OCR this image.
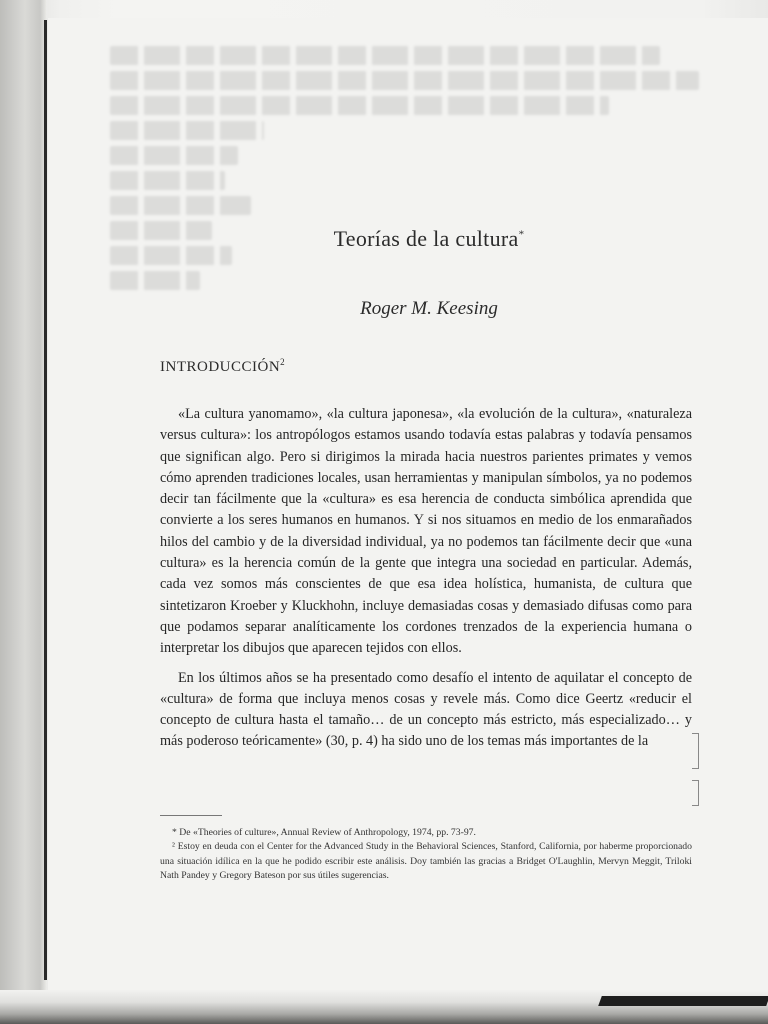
Teorías de la cultura*
Roger M. Keesing
INTRODUCCIÓN$^2$

«La cultura yanomamo», «la cultura japonesa», «la evolución de la cultura», «naturaleza versus cultura»: los antropólogos estamos usando todavía estas palabras y todavía pensamos que significan algo. Pero si dirigimos la mirada hacia nuestros parientes primates y vemos cómo aprenden tradiciones locales, usan herramientas y manipulan símbolos, ya no podemos decir tan fácilmente que la «cultura» es esa herencia de conducta simbólica aprendida que convierte a los seres humanos en humanos. Y si nos situamos en medio de los enmarañados hilos del cambio y de la diversidad individual, ya no podemos tan fácilmente decir que «una cultura» es la herencia común de la gente que integra una sociedad en particular. Además, cada vez somos más conscientes de que esa idea holística, humanista, de cultura que sintetizaron Kroeber y Kluckhohn, incluye demasiadas cosas y demasiado difusas como para que podamos separar analíticamente los cordones trenzados de la experiencia humana o interpretar los dibujos que aparecen tejidos con ellos.

En los últimos años se ha presentado como desafío el intento de aquilatar el concepto de «cultura» de forma que incluya menos cosas y revele más. Como dice Geertz «reducir el concepto de cultura hasta el tamaño… de un concepto más estricto, más especializado… y más poderoso teóricamente» (30, p. 4) ha sido uno de los temas más importantes de la

* De «Theories of culture», Annual Review of Anthropology, 1974, pp. 73-97.

² Estoy en deuda con el Center for the Advanced Study in the Behavioral Sciences, Stanford, California, por haberme proporcionado una situación idílica en la que he podido escribir este análisis. Doy también las gracias a Bridget O'Laughlin, Mervyn Meggit, Triloki Nath Pandey y Gregory Bateson por sus útiles sugerencias.
